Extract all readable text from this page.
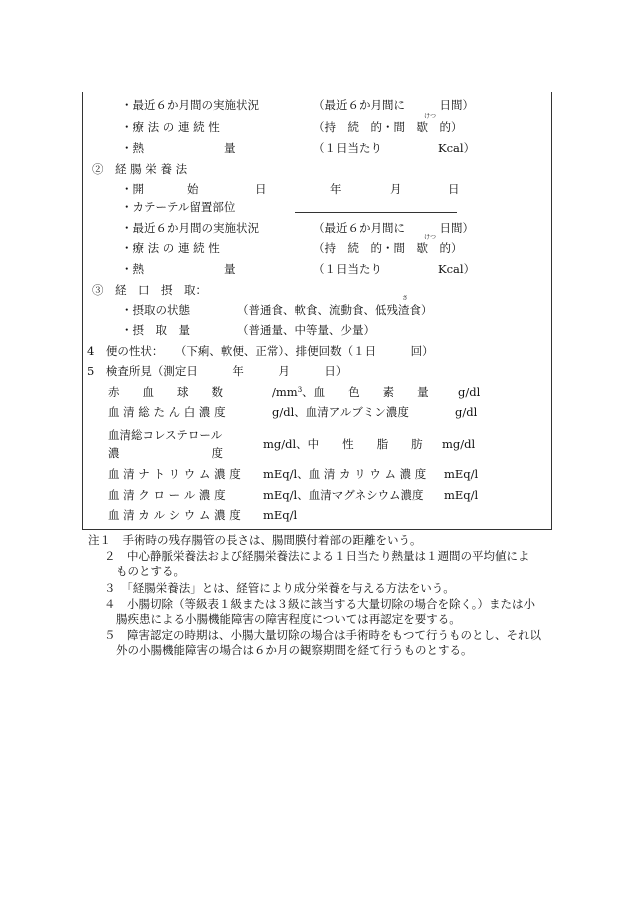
・最近６か月間の実施状況	（最近６か月間に　　　日間）
けつ
・療 法 の 連 続 性	（持　続　的・間　歇　的）
・熱	量	（１日当たり	Kcal）
②　経 腸 栄 養 法
・開	始	日	年	月	日
・カテーテル留置部位
・最近６か月間の実施状況	（最近６か月間に　　　日間）
けつ
・療 法 の 連 続 性	（持　続　的・間　歇　的）
・熱	量	（１日当たり	Kcal）
③　経　口　摂　取：
さ
・摂取の状態	（普通食、軟食、流動食、低残渣食）
・摂　取　量	（普通量、中等量、少量）
4　便の性状：　　（下痢、軟便、正常）、排便回数（１日　　　回）
5　検査所見（測定日　　　年　　　月　　　日）
赤　　血　　球　　数	$/mm^3$、血　　色　　素　　量	g/dl
血 清 総 た ん 白 濃 度	g/dl、血清アルブミン濃度	g/dl
血清総コレステロール
濃　　　　　　　　度
mg/dl、中　　性　　脂　　肪 mg/dl
血 清 ナ ト リ ウ ム 濃 度 mEq/l、血 清 カ リ ウ ム 濃 度 mEq/l
血 清 ク ロ ー ル 濃 度	mEq/l、血清マグネシウム濃度 mEq/l
血 清 カ ル シ ウ ム 濃 度 mEq/l
注１　手術時の残存腸管の長さは、腸間膜付着部の距離をいう。
２　中心静脈栄養法および経腸栄養法による１日当たり熱量は１週間の平均値によ
ものとする。
３　「経腸栄養法」とは、経管により成分栄養を与える方法をいう。
４　小腸切除（等級表１級または３級に該当する大量切除の場合を除く。）または小
腸疾患による小腸機能障害の障害程度については再認定を要する。
５　障害認定の時期は、小腸大量切除の場合は手術時をもつて行うものとし、それ以
外の小腸機能障害の場合は６か月の観察期間を経て行うものとする。
